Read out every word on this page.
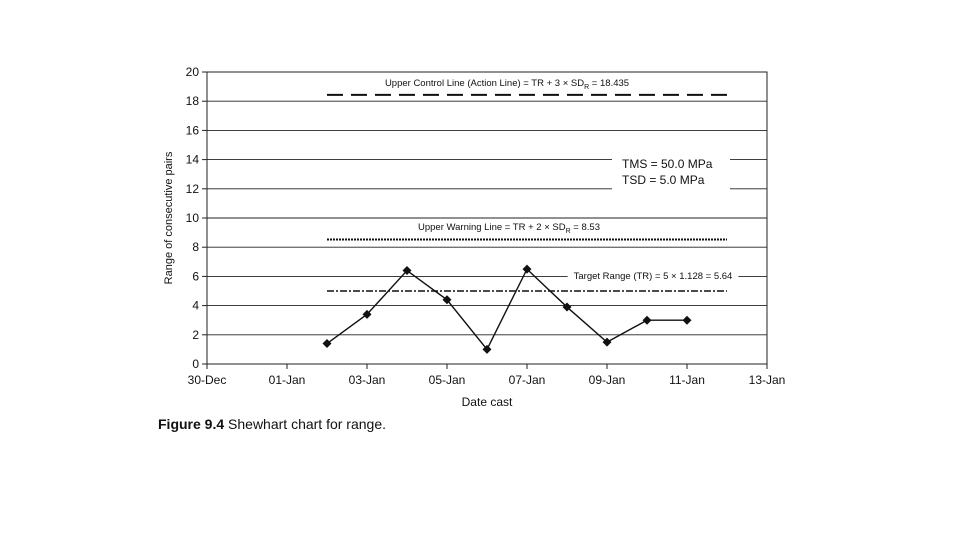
Upper Control Line (Action Line) = TR + $3 \times SD_R = 18.435$
Upper Warning Line = TR + $2 \times SD_R = 8.53$
Target Range (TR) = 5 × 1.128 = 5.64
TMS = 50.0 MPa
TSD = 5.0 MPa
0
2
4
6
8
10
12
14
16
18
20
30-Dec	01-Jan	03-Jan	05-Jan	07-Jan	09-Jan	11-Jan	13-Jan
Range of consecutive pairs
Date cast
Figure 9.4 Shewhart chart for range.
